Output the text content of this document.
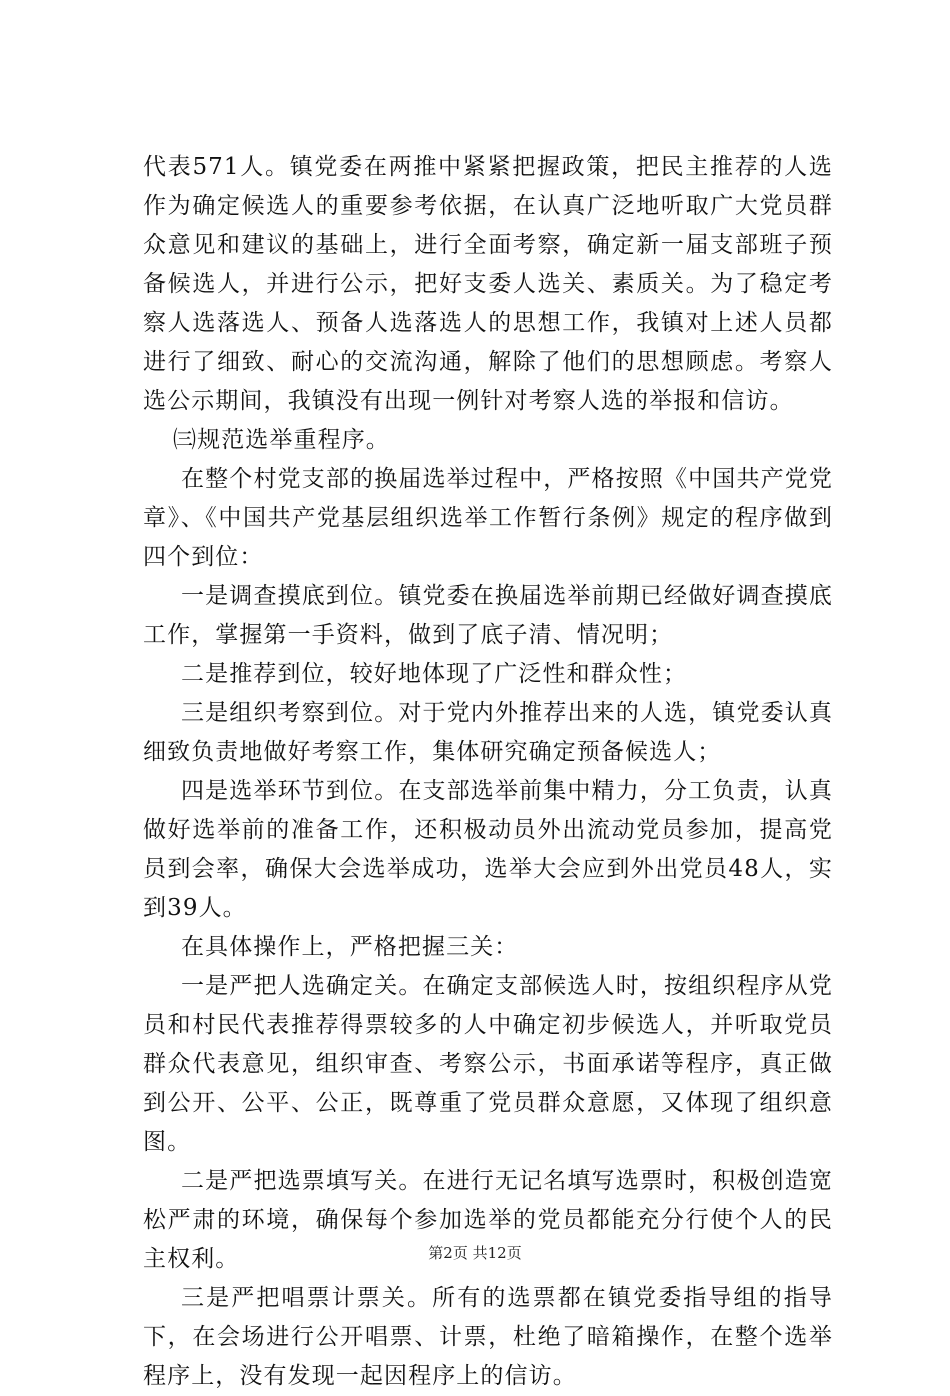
代表571人。镇党委在两推中紧紧把握政策，把民主推荐的人选作为确定候选人的重要参考依据，在认真广泛地听取广大党员群众意见和建议的基础上，进行全面考察，确定新一届支部班子预备候选人，并进行公示，把好支委人选关、素质关。为了稳定考察人选落选人、预备人选落选人的思想工作，我镇对上述人员都进行了细致、耐心的交流沟通，解除了他们的思想顾虑。考察人选公示期间，我镇没有出现一例针对考察人选的举报和信访。

㈢规范选举重程序。

在整个村党支部的换届选举过程中，严格按照《中国共产党党章》、《中国共产党基层组织选举工作暂行条例》规定的程序做到四个到位：

一是调查摸底到位。镇党委在换届选举前期已经做好调查摸底工作，掌握第一手资料，做到了底子清、情况明；

二是推荐到位，较好地体现了广泛性和群众性；

三是组织考察到位。对于党内外推荐出来的人选，镇党委认真细致负责地做好考察工作，集体研究确定预备候选人；

四是选举环节到位。在支部选举前集中精力，分工负责，认真做好选举前的准备工作，还积极动员外出流动党员参加，提高党员到会率，确保大会选举成功，选举大会应到外出党员48人，实到39人。

在具体操作上，严格把握三关：

一是严把人选确定关。在确定支部候选人时，按组织程序从党员和村民代表推荐得票较多的人中确定初步候选人，并听取党员群众代表意见，组织审查、考察公示，书面承诺等程序，真正做到公开、公平、公正，既尊重了党员群众意愿，又体现了组织意图。

二是严把选票填写关。在进行无记名填写选票时，积极创造宽松严肃的环境，确保每个参加选举的党员都能充分行使个人的民主权利。

三是严把唱票计票关。所有的选票都在镇党委指导组的指导下，在会场进行公开唱票、计票，杜绝了暗箱操作，在整个选举程序上，没有发现一起因程序上的信访。

第2页 共12页
